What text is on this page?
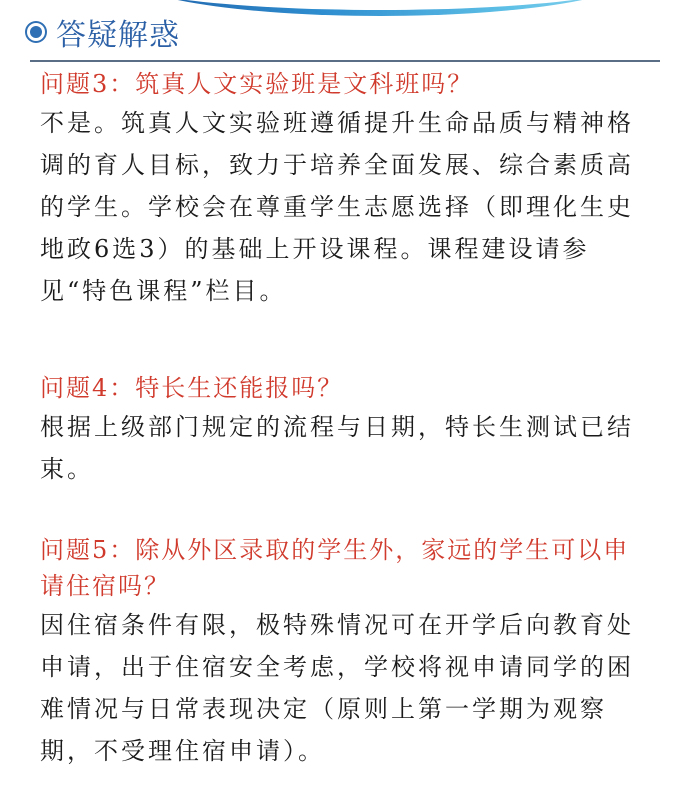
答疑解惑
问题3：筑真人文实验班是文科班吗？
不是。筑真人文实验班遵循提升生命品质与精神格调的育人目标，致力于培养全面发展、综合素质高的学生。学校会在尊重学生志愿选择（即理化生史地政6选3）的基础上开设课程。课程建设请参见“特色课程”栏目。
问题4：特长生还能报吗？
根据上级部门规定的流程与日期，特长生测试已结束。
问题5：除从外区录取的学生外，家远的学生可以申请住宿吗？
因住宿条件有限，极特殊情况可在开学后向教育处申请，出于住宿安全考虑，学校将视申请同学的困难情况与日常表现决定（原则上第一学期为观察期，不受理住宿申请）。
